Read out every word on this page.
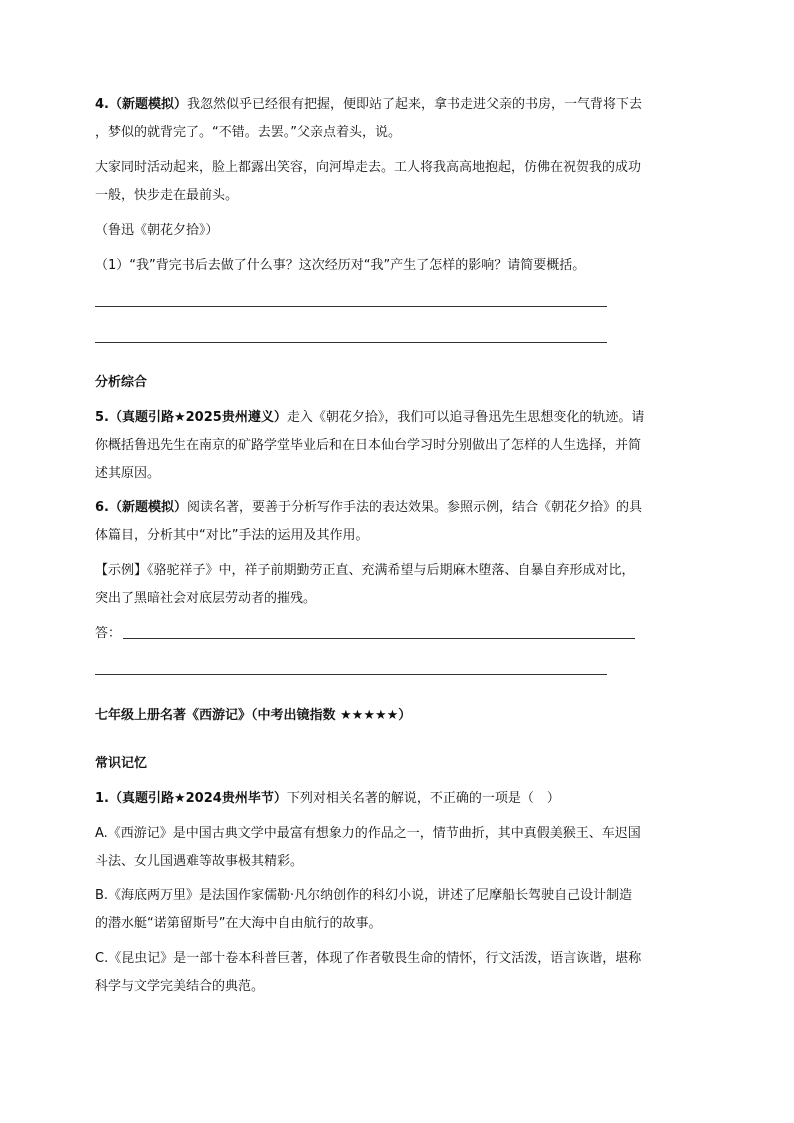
4.（新题模拟）我忽然似乎已经很有把握，便即站了起来，拿书走进父亲的书房，一气背将下去
，梦似的就背完了。“不错。去罢。”父亲点着头，说。
大家同时活动起来，脸上都露出笑容，向河埠走去。工人将我高高地抱起，仿佛在祝贺我的成功
一般，快步走在最前头。
（鲁迅《朝花夕拾》）
（1）“我”背完书后去做了什么事？这次经历对“我”产生了怎样的影响？请简要概括。
分析综合
5.（真题引路★2025贵州遵义）走入《朝花夕拾》，我们可以追寻鲁迅先生思想变化的轨迹。请
你概括鲁迅先生在南京的矿路学堂毕业后和在日本仙台学习时分别做出了怎样的人生选择，并简
述其原因。
6.（新题模拟）阅读名著，要善于分析写作手法的表达效果。参照示例，结合《朝花夕拾》的具
体篇目，分析其中“对比”手法的运用及其作用。
【示例】《骆驼祥子》中，祥子前期勤劳正直、充满希望与后期麻木堕落、自暴自弃形成对比，
突出了黑暗社会对底层劳动者的摧残。
答：
七年级上册名著《西游记》（中考出镜指数 ★★★★★）
常识记忆
1.（真题引路★2024贵州毕节）下列对相关名著的解说，不正确的一项是（　）
A.《西游记》是中国古典文学中最富有想象力的作品之一，情节曲折，其中真假美猴王、车迟国
斗法、女儿国遇难等故事极其精彩。
B.《海底两万里》是法国作家儒勒·凡尔纳创作的科幻小说，讲述了尼摩船长驾驶自己设计制造
的潜水艇“诺第留斯号”在大海中自由航行的故事。
C.《昆虫记》是一部十卷本科普巨著，体现了作者敬畏生命的情怀，行文活泼，语言诙谐，堪称
科学与文学完美结合的典范。
